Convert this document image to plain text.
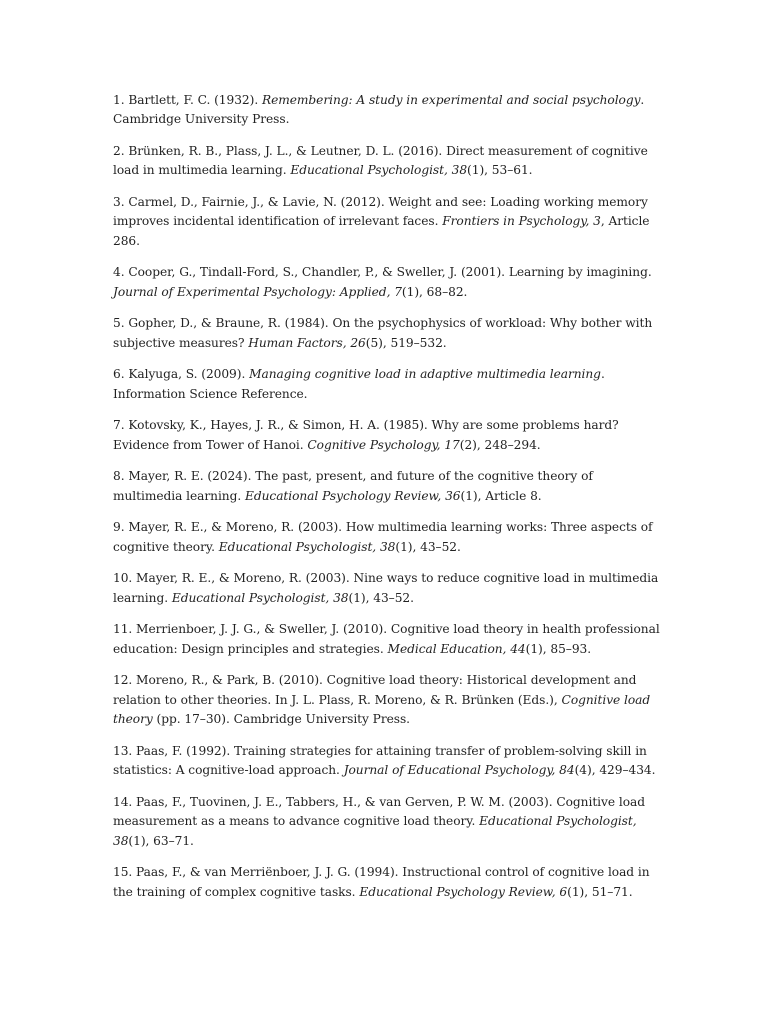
1. Bartlett, F. C. (1932). Remembering: A study in experimental and social psychology. Cambridge University Press.
2. Brünken, R. B., Plass, J. L., & Leutner, D. L. (2016). Direct measurement of cognitive load in multimedia learning. Educational Psychologist, 38(1), 53–61.
3. Carmel, D., Fairnie, J., & Lavie, N. (2012). Weight and see: Loading working memory improves incidental identification of irrelevant faces. Frontiers in Psychology, 3, Article 286.
4. Cooper, G., Tindall-Ford, S., Chandler, P., & Sweller, J. (2001). Learning by imagining. Journal of Experimental Psychology: Applied, 7(1), 68–82.
5. Gopher, D., & Braune, R. (1984). On the psychophysics of workload: Why bother with subjective measures? Human Factors, 26(5), 519–532.
6. Kalyuga, S. (2009). Managing cognitive load in adaptive multimedia learning. Information Science Reference.
7. Kotovsky, K., Hayes, J. R., & Simon, H. A. (1985). Why are some problems hard? Evidence from Tower of Hanoi. Cognitive Psychology, 17(2), 248–294.
8. Mayer, R. E. (2024). The past, present, and future of the cognitive theory of multimedia learning. Educational Psychology Review, 36(1), Article 8.
9. Mayer, R. E., & Moreno, R. (2003). How multimedia learning works: Three aspects of cognitive theory. Educational Psychologist, 38(1), 43–52.
10. Mayer, R. E., & Moreno, R. (2003). Nine ways to reduce cognitive load in multimedia learning. Educational Psychologist, 38(1), 43–52.
11. Merrienboer, J. J. G., & Sweller, J. (2010). Cognitive load theory in health professional education: Design principles and strategies. Medical Education, 44(1), 85–93.
12. Moreno, R., & Park, B. (2010). Cognitive load theory: Historical development and relation to other theories. In J. L. Plass, R. Moreno, & R. Brünken (Eds.), Cognitive load theory (pp. 17–30). Cambridge University Press.
13. Paas, F. (1992). Training strategies for attaining transfer of problem-solving skill in statistics: A cognitive-load approach. Journal of Educational Psychology, 84(4), 429–434.
14. Paas, F., Tuovinen, J. E., Tabbers, H., & van Gerven, P. W. M. (2003). Cognitive load measurement as a means to advance cognitive load theory. Educational Psychologist, 38(1), 63–71.
15. Paas, F., & van Merriënboer, J. J. G. (1994). Instructional control of cognitive load in the training of complex cognitive tasks. Educational Psychology Review, 6(1), 51–71.
